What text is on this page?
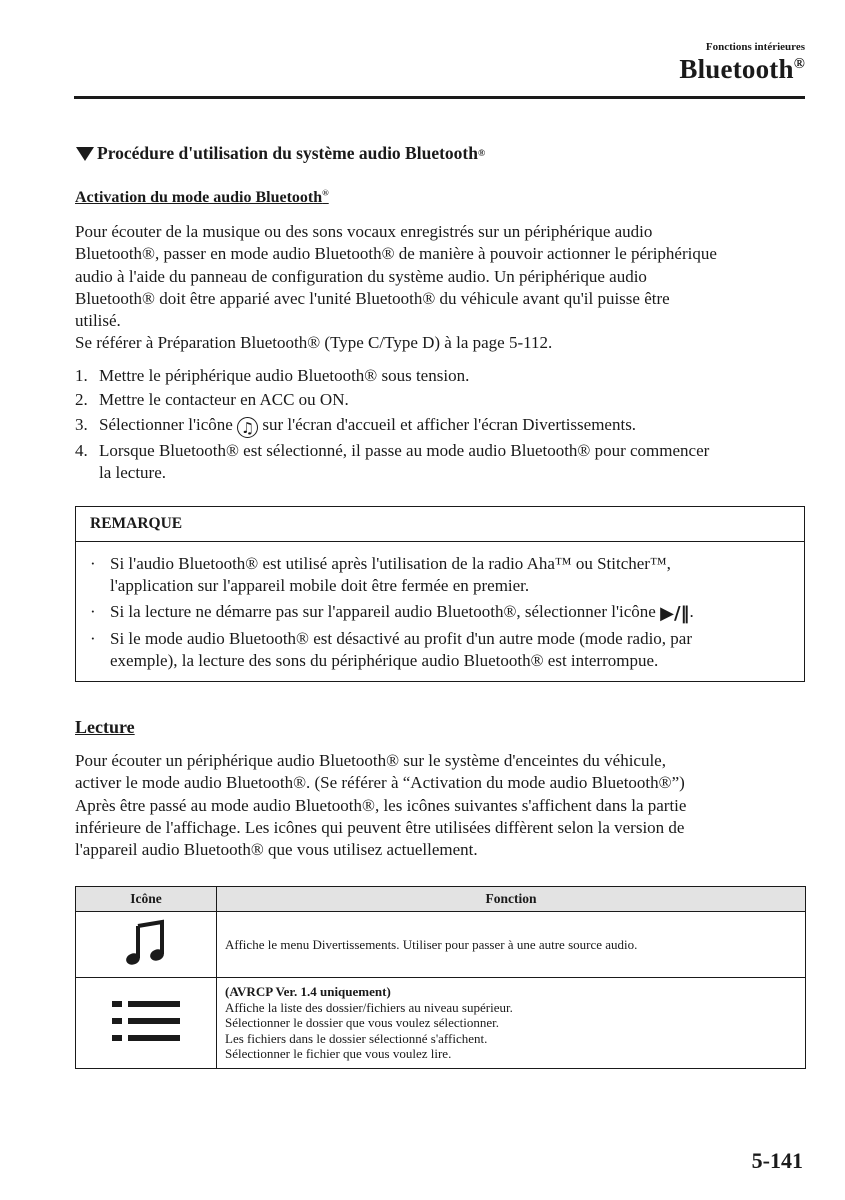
Fonctions intérieures
Bluetooth®
Procédure d'utilisation du système audio Bluetooth ®
Activation du mode audio Bluetooth®
Pour écouter de la musique ou des sons vocaux enregistrés sur un périphérique audio
Bluetooth®, passer en mode audio Bluetooth® de manière à pouvoir actionner le périphérique
audio à l'aide du panneau de configuration du système audio. Un périphérique audio
Bluetooth® doit être apparié avec l'unité Bluetooth® du véhicule avant qu'il puisse être
utilisé.
Se référer à Préparation Bluetooth® (Type C/Type D) à la page 5-112.
1. Mettre le périphérique audio Bluetooth® sous tension.
2. Mettre le contacteur en ACC ou ON.
3. Sélectionner l'icône ♫ sur l'écran d'accueil et afficher l'écran Divertissements.
4. Lorsque Bluetooth® est sélectionné, il passe au mode audio Bluetooth® pour commencer
la lecture.
REMARQUE
· Si l'audio Bluetooth® est utilisé après l'utilisation de la radio Aha™ ou Stitcher™,
l'application sur l'appareil mobile doit être fermée en premier.
· Si la lecture ne démarre pas sur l'appareil audio Bluetooth®, sélectionner l'icône ▶/‖.
· Si le mode audio Bluetooth® est désactivé au profit d'un autre mode (mode radio, par
exemple), la lecture des sons du périphérique audio Bluetooth® est interrompue.
Lecture
Pour écouter un périphérique audio Bluetooth® sur le système d'enceintes du véhicule,
activer le mode audio Bluetooth®. (Se référer à “Activation du mode audio Bluetooth®”)
Après être passé au mode audio Bluetooth®, les icônes suivantes s'affichent dans la partie
inférieure de l'affichage. Les icônes qui peuvent être utilisées diffèrent selon la version de
l'appareil audio Bluetooth® que vous utilisez actuellement.
Icône	Fonction
	Affiche le menu Divertissements. Utiliser pour passer à une autre source audio.

(AVRCP Ver. 1.4 uniquement)
Affiche la liste des dossier/fichiers au niveau supérieur.
Sélectionner le dossier que vous voulez sélectionner.
Les fichiers dans le dossier sélectionné s'affichent.
Sélectionner le fichier que vous voulez lire.
5-141
